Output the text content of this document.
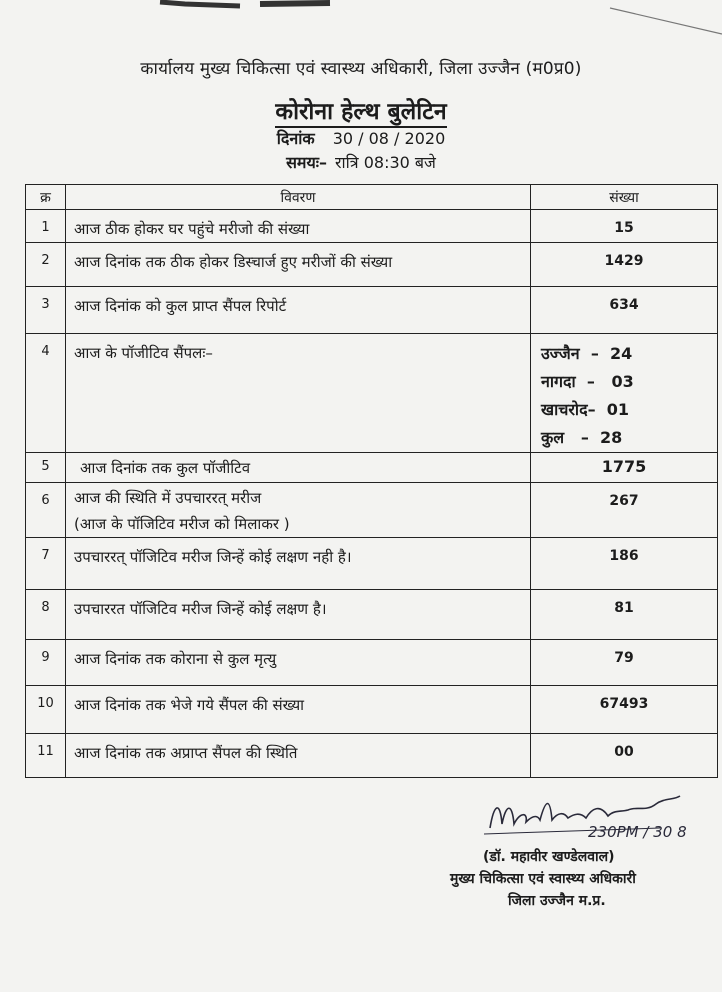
कार्यालय मुख्य चिकित्सा एवं स्वास्थ्य अधिकारी, जिला उज्जैन (म0प्र0)
कोरोना हेल्थ बुलेटिन
दिनांक 30 / 08 / 2020
समयः– रात्रि 08:30 बजे
क्र	विवरण	संख्या
1	आज ठीक होकर घर पहुंचे मरीजो की संख्या	15
2	आज दिनांक तक ठीक होकर डिस्चार्ज हुए मरीजों की संख्या	1429
3	आज दिनांक को कुल प्राप्त सैंपल रिपोर्ट	634
4	आज के पॉजीटिव सैंपलः–	उज्जैन  –  24
नागदा  –   03
खाचरोद–  01
कुल   –  28

5	आज दिनांक तक कुल पॉजीटिव	1775
6	आज की स्थिति में उपचाररत् मरीज
(आज के पॉजिटिव मरीज को मिलाकर )	267
7	उपचाररत् पॉजिटिव मरीज जिन्हें कोई लक्षण नही है।	186
8	उपचाररत पॉजिटिव मरीज जिन्हें कोई लक्षण है।	81
9	आज दिनांक तक कोराना से कुल मृत्यु	79
10	आज दिनांक तक भेजे गये सैंपल की संख्या	67493
11	आज दिनांक तक अप्राप्त सैंपल की स्थिति	00
230PM / 30 8
(डॉ. महावीर खण्डेलवाल)
मुख्य चिकित्सा एवं स्वास्थ्य अधिकारी
जिला उज्जैन म.प्र.
